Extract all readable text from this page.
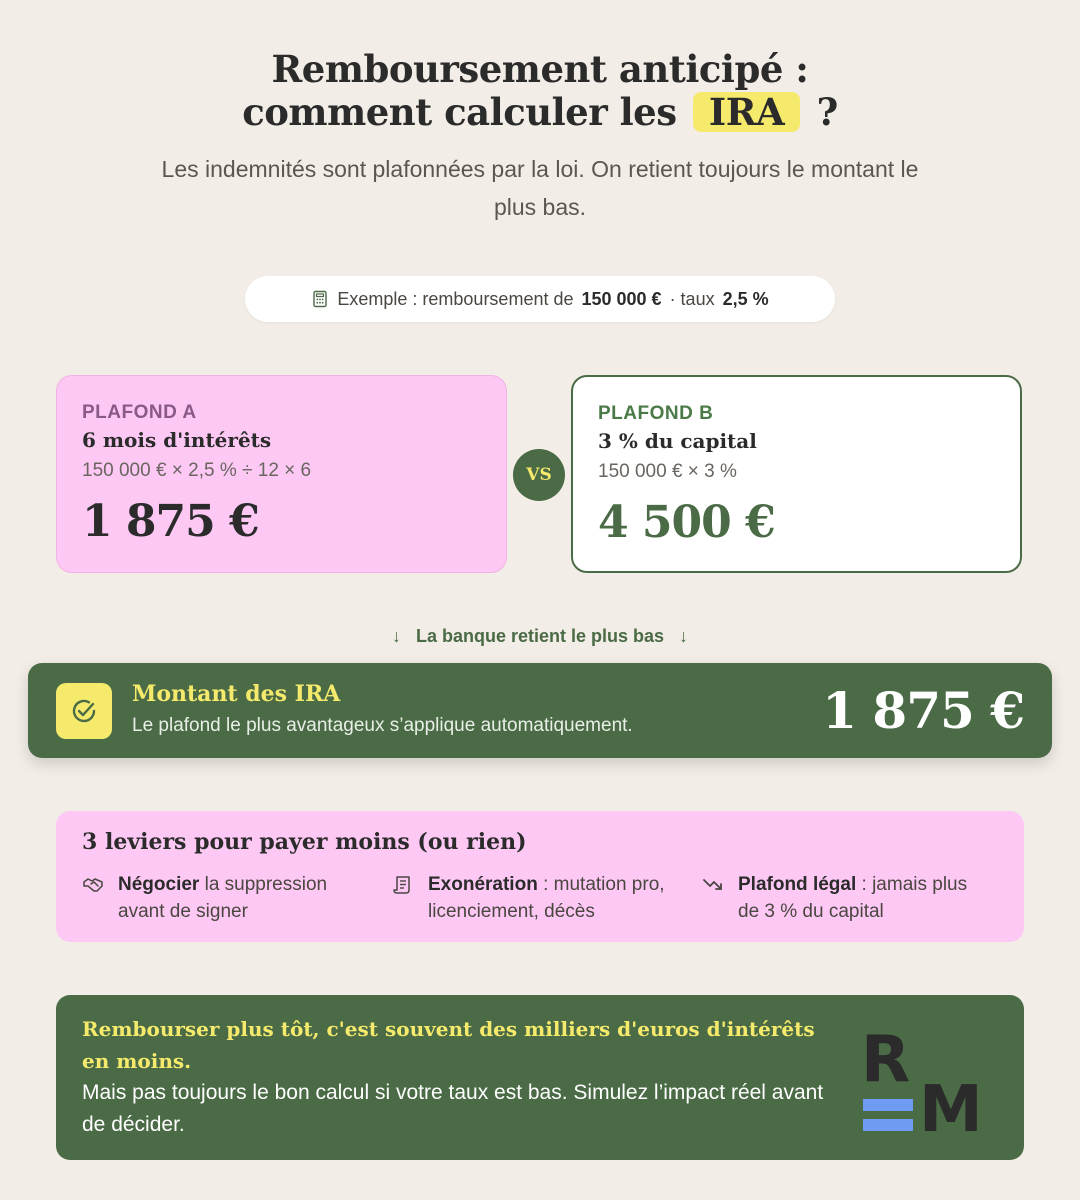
Remboursement anticipé :
comment calculer les IRA ?
Les indemnités sont plafonnées par la loi. On retient toujours le montant le plus bas.
Exemple : remboursement de 150 000 € · taux 2,5 %
PLAFOND A
6 mois d'intérêts
150 000 € × 2,5 % ÷ 12 × 6
1 875 €
VS
PLAFOND B
3 % du capital
150 000 € × 3 %
4 500 €
↓ La banque retient le plus bas ↓
Montant des IRA
Le plafond le plus avantageux s’applique automatiquement.	1 875 €
3 leviers pour payer moins (ou rien)
Négocier la suppression
avant de signer
Exonération : mutation pro,
licenciement, décès
Plafond légal : jamais plus
de 3 % du capital
Rembourser plus tôt, c'est souvent des milliers d'euros d'intérêts en moins.
Mais pas toujours le bon calcul si votre taux est bas. Simulez l’impact réel avant de décider.
R
M
